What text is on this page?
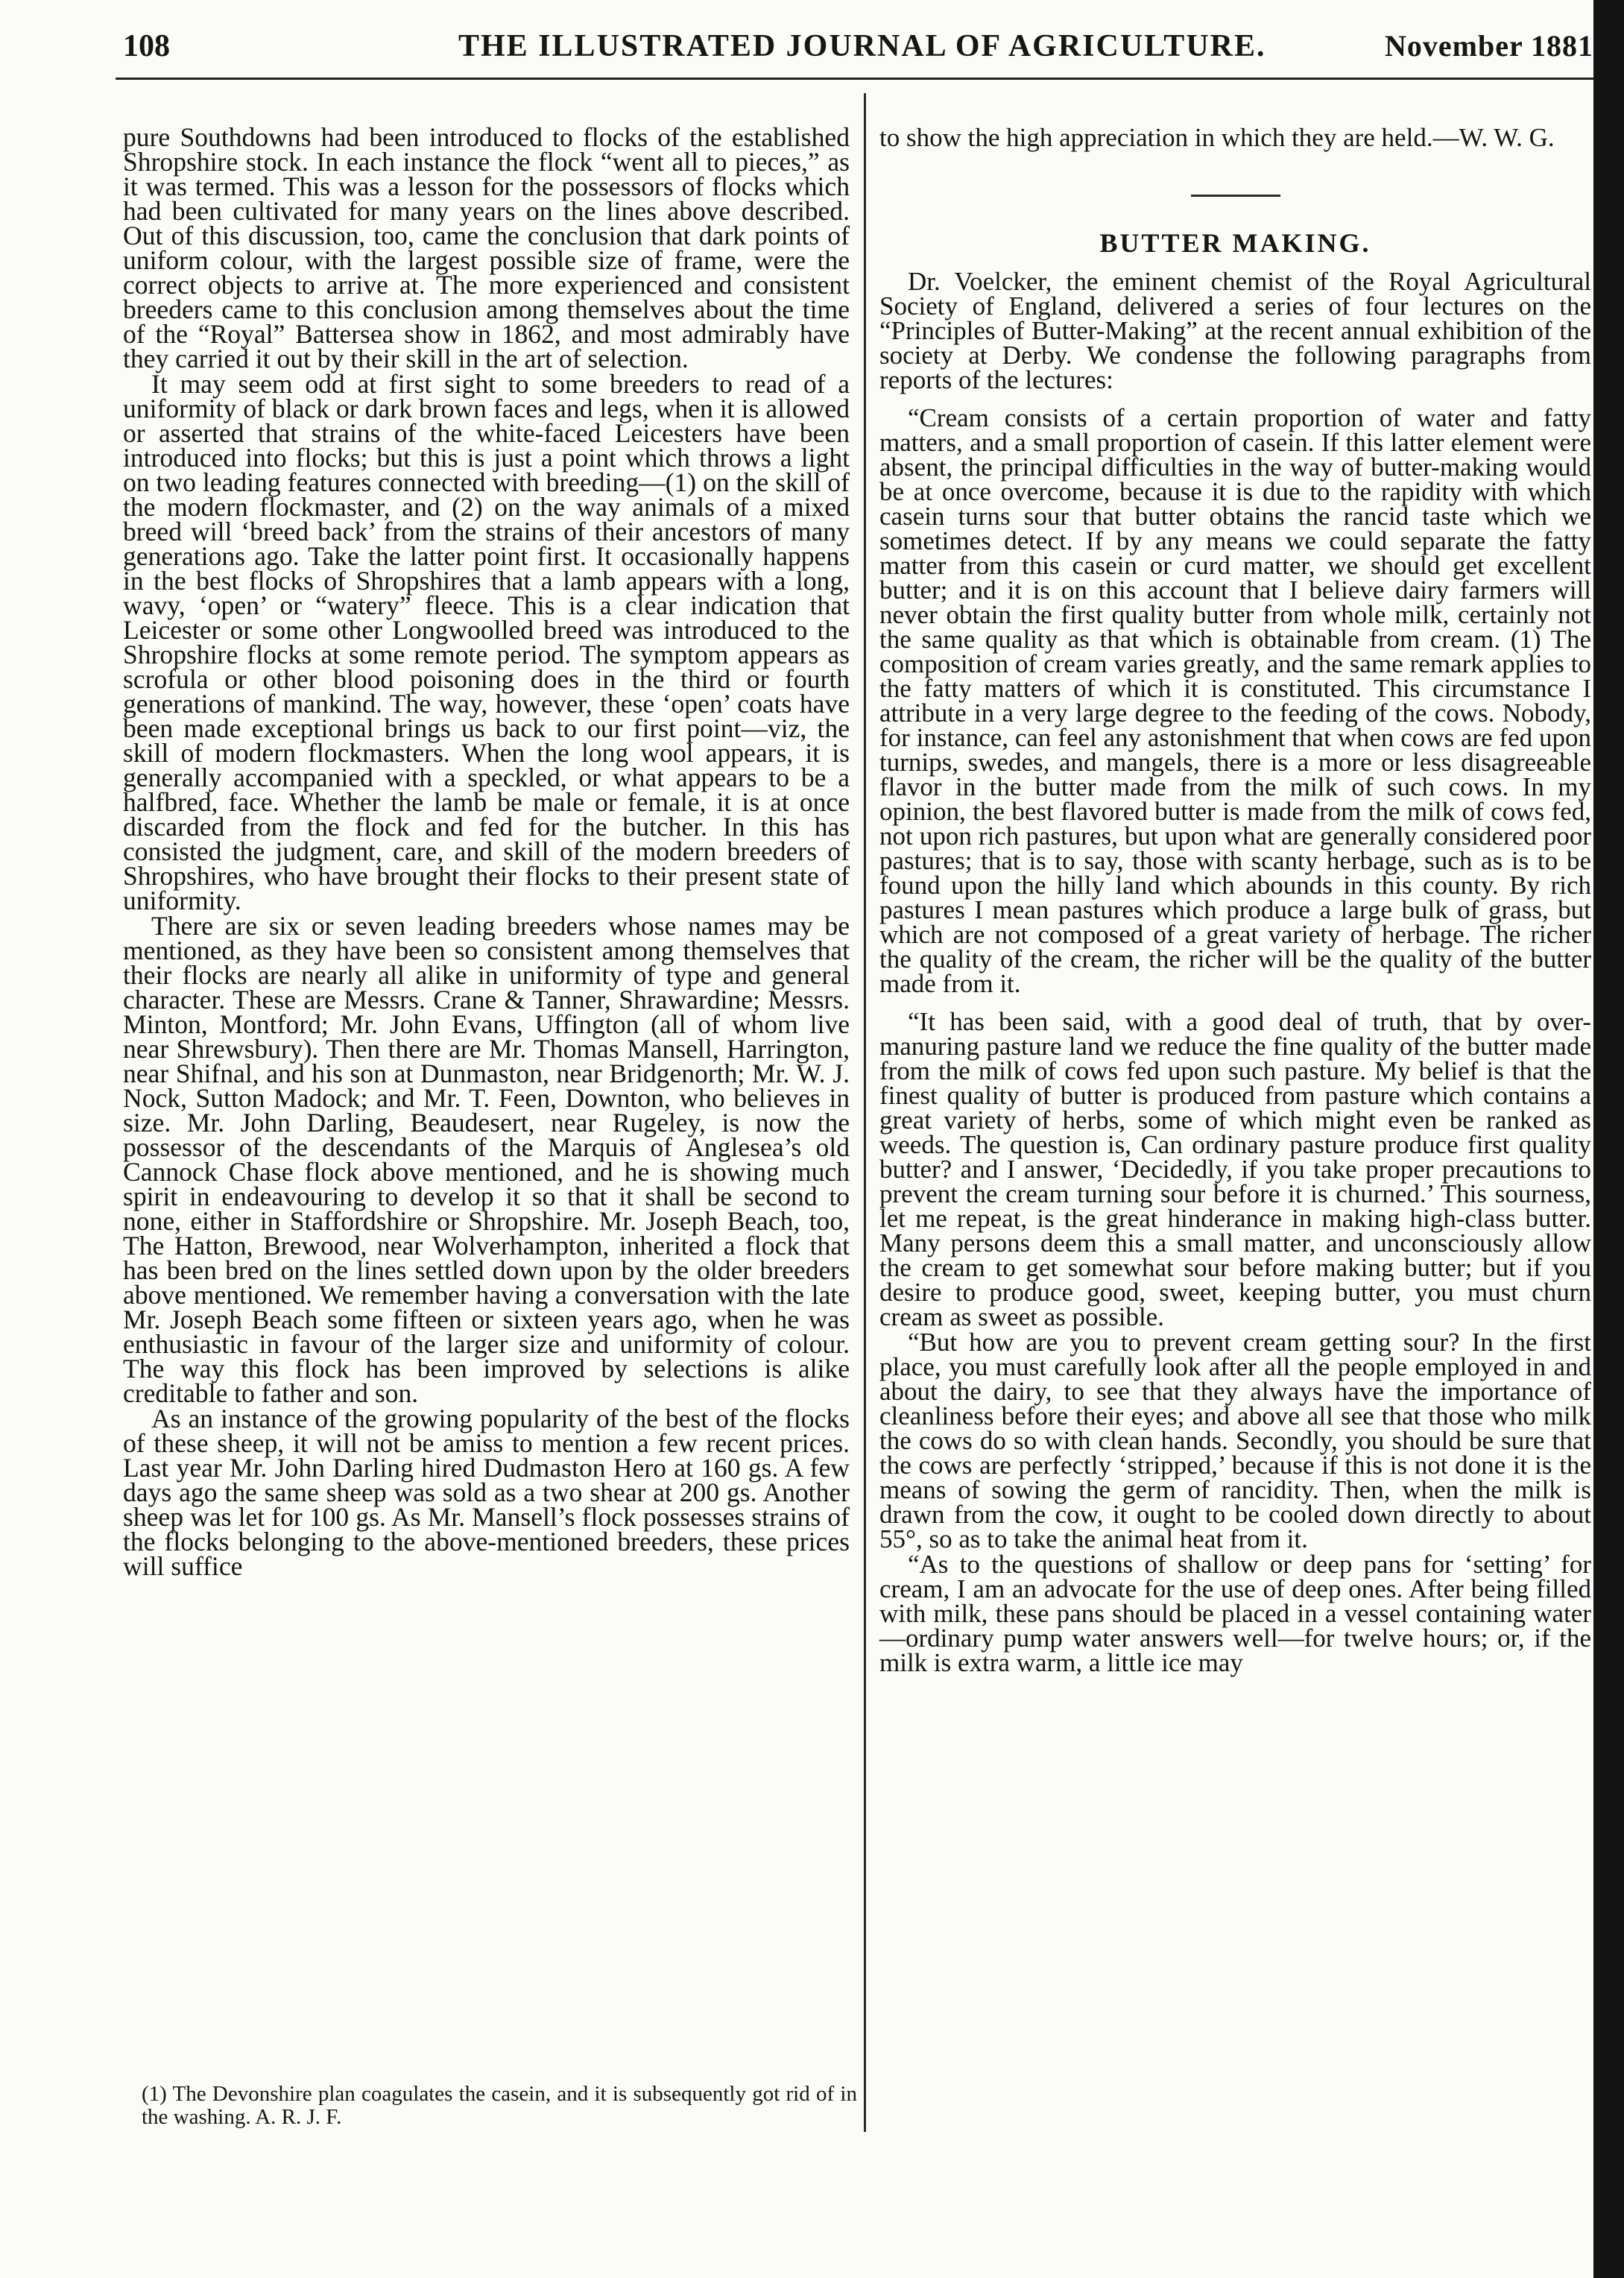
108	THE ILLUSTRATED JOURNAL OF AGRICULTURE.	November 1881

pure Southdowns had been introduced to flocks of the established Shropshire stock. In each instance the flock “went all to pieces,” as it was termed. This was a lesson for the possessors of flocks which had been cultivated for many years on the lines above described. Out of this discussion, too, came the conclusion that dark points of uniform colour, with the largest possible size of frame, were the correct objects to arrive at. The more experienced and consistent breeders came to this conclusion among themselves about the time of the “Royal” Battersea show in 1862, and most admirably have they carried it out by their skill in the art of selection.

It may seem odd at first sight to some breeders to read of a uniformity of black or dark brown faces and legs, when it is allowed or asserted that strains of the white-faced Leicesters have been introduced into flocks; but this is just a point which throws a light on two leading features connected with breeding—(1) on the skill of the modern flockmaster, and (2) on the way animals of a mixed breed will ‘breed back’ from the strains of their ancestors of many generations ago. Take the latter point first. It occasionally happens in the best flocks of Shropshires that a lamb appears with a long, wavy, ‘open’ or “watery” fleece. This is a clear indication that Leicester or some other Longwoolled breed was introduced to the Shropshire flocks at some remote period. The symptom appears as scrofula or other blood poisoning does in the third or fourth generations of mankind. The way, however, these ‘open’ coats have been made exceptional brings us back to our first point—viz, the skill of modern flockmasters. When the long wool appears, it is generally accompanied with a speckled, or what appears to be a halfbred, face. Whether the lamb be male or female, it is at once discarded from the flock and fed for the butcher. In this has consisted the judgment, care, and skill of the modern breeders of Shropshires, who have brought their flocks to their present state of uniformity.

There are six or seven leading breeders whose names may be mentioned, as they have been so consistent among themselves that their flocks are nearly all alike in uniformity of type and general character. These are Messrs. Crane & Tanner, Shrawardine; Messrs. Minton, Montford; Mr. John Evans, Uffington (all of whom live near Shrewsbury). Then there are Mr. Thomas Mansell, Harrington, near Shifnal, and his son at Dunmaston, near Bridgenorth; Mr. W. J. Nock, Sutton Madock; and Mr. T. Feen, Downton, who believes in size. Mr. John Darling, Beaudesert, near Rugeley, is now the possessor of the descendants of the Marquis of Anglesea’s old Cannock Chase flock above mentioned, and he is showing much spirit in endeavouring to develop it so that it shall be second to none, either in Staffordshire or Shropshire. Mr. Joseph Beach, too, The Hatton, Brewood, near Wolverhampton, inherited a flock that has been bred on the lines settled down upon by the older breeders above mentioned. We remember having a conversation with the late Mr. Joseph Beach some fifteen or sixteen years ago, when he was enthusiastic in favour of the larger size and uniformity of colour. The way this flock has been improved by selections is alike creditable to father and son.

As an instance of the growing popularity of the best of the flocks of these sheep, it will not be amiss to mention a few recent prices. Last year Mr. John Darling hired Dudmaston Hero at 160 gs. A few days ago the same sheep was sold as a two shear at 200 gs. Another sheep was let for 100 gs. As Mr. Mansell’s flock possesses strains of the flocks belonging to the above-mentioned breeders, these prices will suffice

(1) The Devonshire plan coagulates the casein, and it is subsequently got rid of in the washing. A. R. J. F.

to show the high appreciation in which they are held.—W. W. G.

BUTTER MAKING.

Dr. Voelcker, the eminent chemist of the Royal Agricultural Society of England, delivered a series of four lectures on the “Principles of Butter-Making” at the recent annual exhibition of the society at Derby. We condense the following paragraphs from reports of the lectures:

“Cream consists of a certain proportion of water and fatty matters, and a small proportion of casein. If this latter element were absent, the principal difficulties in the way of butter-making would be at once overcome, because it is due to the rapidity with which casein turns sour that butter obtains the rancid taste which we sometimes detect. If by any means we could separate the fatty matter from this casein or curd matter, we should get excellent butter; and it is on this account that I believe dairy farmers will never obtain the first quality butter from whole milk, certainly not the same quality as that which is obtainable from cream. (1) The composition of cream varies greatly, and the same remark applies to the fatty matters of which it is constituted. This circumstance I attribute in a very large degree to the feeding of the cows. Nobody, for instance, can feel any astonishment that when cows are fed upon turnips, swedes, and mangels, there is a more or less disagreeable flavor in the butter made from the milk of such cows. In my opinion, the best flavored butter is made from the milk of cows fed, not upon rich pastures, but upon what are generally considered poor pastures; that is to say, those with scanty herbage, such as is to be found upon the hilly land which abounds in this county. By rich pastures I mean pastures which produce a large bulk of grass, but which are not composed of a great variety of herbage. The richer the quality of the cream, the richer will be the quality of the butter made from it.

“It has been said, with a good deal of truth, that by over-manuring pasture land we reduce the fine quality of the butter made from the milk of cows fed upon such pasture. My belief is that the finest quality of butter is produced from pasture which contains a great variety of herbs, some of which might even be ranked as weeds. The question is, Can ordinary pasture produce first quality butter? and I answer, ‘Decidedly, if you take proper precautions to prevent the cream turning sour before it is churned.’ This sourness, let me repeat, is the great hinderance in making high-class butter. Many persons deem this a small matter, and unconsciously allow the cream to get somewhat sour before making butter; but if you desire to produce good, sweet, keeping butter, you must churn cream as sweet as possible.

“But how are you to prevent cream getting sour? In the first place, you must carefully look after all the people employed in and about the dairy, to see that they always have the importance of cleanliness before their eyes; and above all see that those who milk the cows do so with clean hands. Secondly, you should be sure that the cows are perfectly ‘stripped,’ because if this is not done it is the means of sowing the germ of rancidity. Then, when the milk is drawn from the cow, it ought to be cooled down directly to about 55°, so as to take the animal heat from it.

“As to the questions of shallow or deep pans for ‘setting’ for cream, I am an advocate for the use of deep ones. After being filled with milk, these pans should be placed in a vessel containing water—ordinary pump water answers well—for twelve hours; or, if the milk is extra warm, a little ice may
